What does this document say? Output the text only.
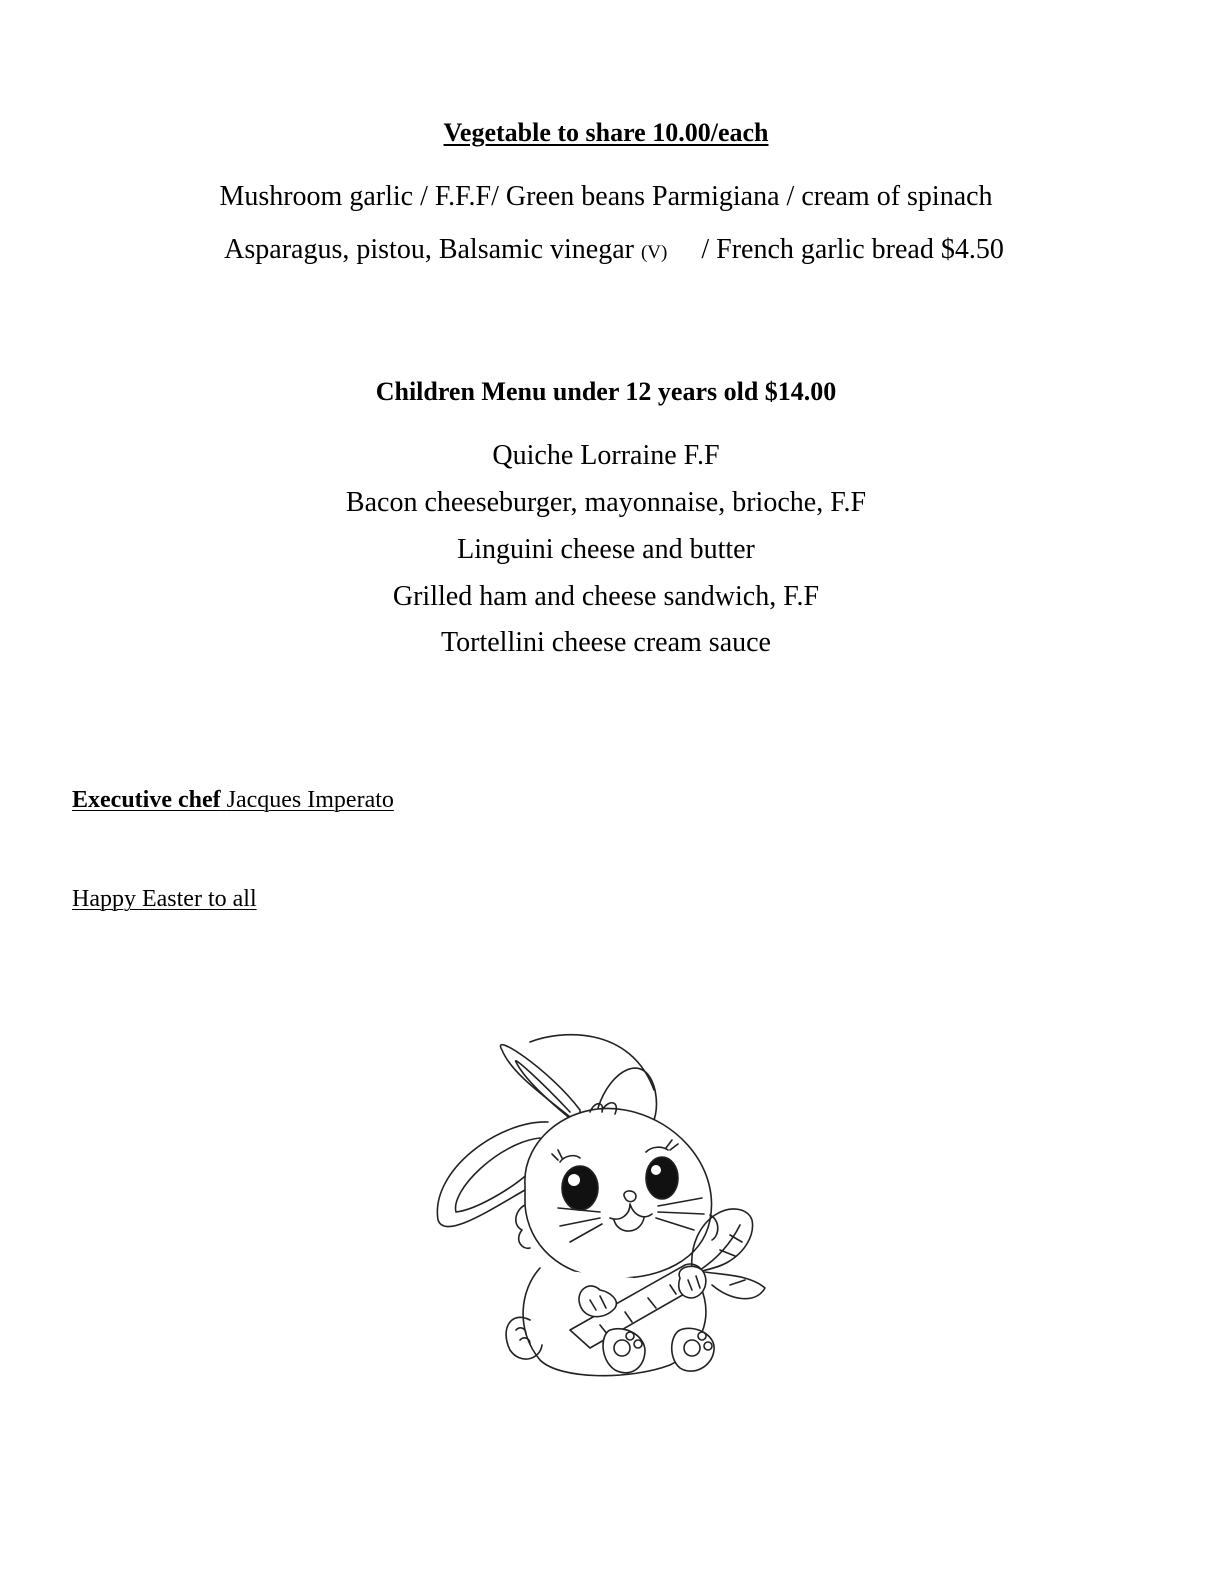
Vegetable to share 10.00/each
Mushroom garlic / F.F.F/ Green beans Parmigiana / cream of spinach
Asparagus, pistou, Balsamic vinegar (V) / French garlic bread $4.50
Children Menu under 12 years old $14.00
Quiche Lorraine F.F
Bacon cheeseburger, mayonnaise, brioche, F.F
Linguini cheese and butter
Grilled ham and cheese sandwich, F.F
Tortellini cheese cream sauce
Executive chef Jacques Imperato
Happy Easter to all
